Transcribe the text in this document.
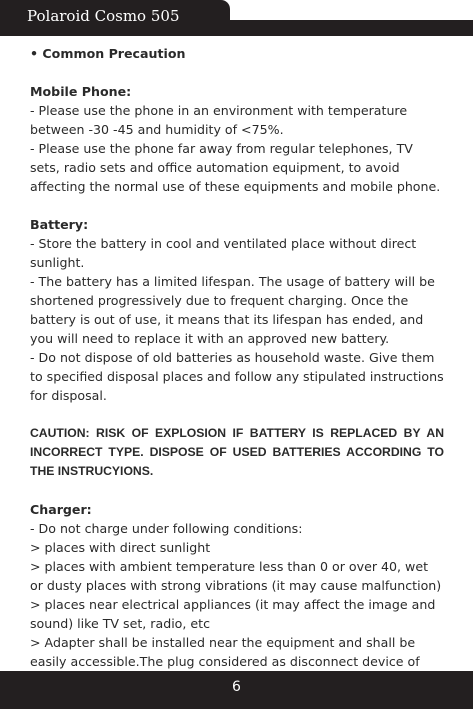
Polaroid Cosmo 505

• Common Precaution

Mobile Phone:

- Please use the phone in an environment with temperature between -30 -45 and humidity of <75%.

- Please use the phone far away from regular telephones, TV sets, radio sets and office automation equipment, to avoid affecting the normal use of these equipments and mobile phone.

Battery:

- Store the battery in cool and ventilated place without direct sunlight.

- The battery has a limited lifespan. The usage of battery will be shortened progressively due to frequent charging. Once the battery is out of use, it means that its lifespan has ended, and you will need to replace it with an approved new battery.

- Do not dispose of old batteries as household waste. Give them to specified disposal places and follow any stipulated instructions for disposal.

CAUTION: RISK OF EXPLOSION IF BATTERY IS REPLACED BY AN INCORRECT TYPE. DISPOSE OF USED BATTERIES ACCORDING TO THE INSTRUCYIONS.

Charger:

- Do not charge under following conditions:

> places with direct sunlight

> places with ambient temperature less than 0 or over 40, wet or dusty places with strong vibrations (it may cause malfunction)

> places near electrical appliances (it may affect the image and sound) like TV set, radio, etc

> Adapter shall be installed near the equipment and shall be easily accessible.The plug considered as disconnect device of

6
